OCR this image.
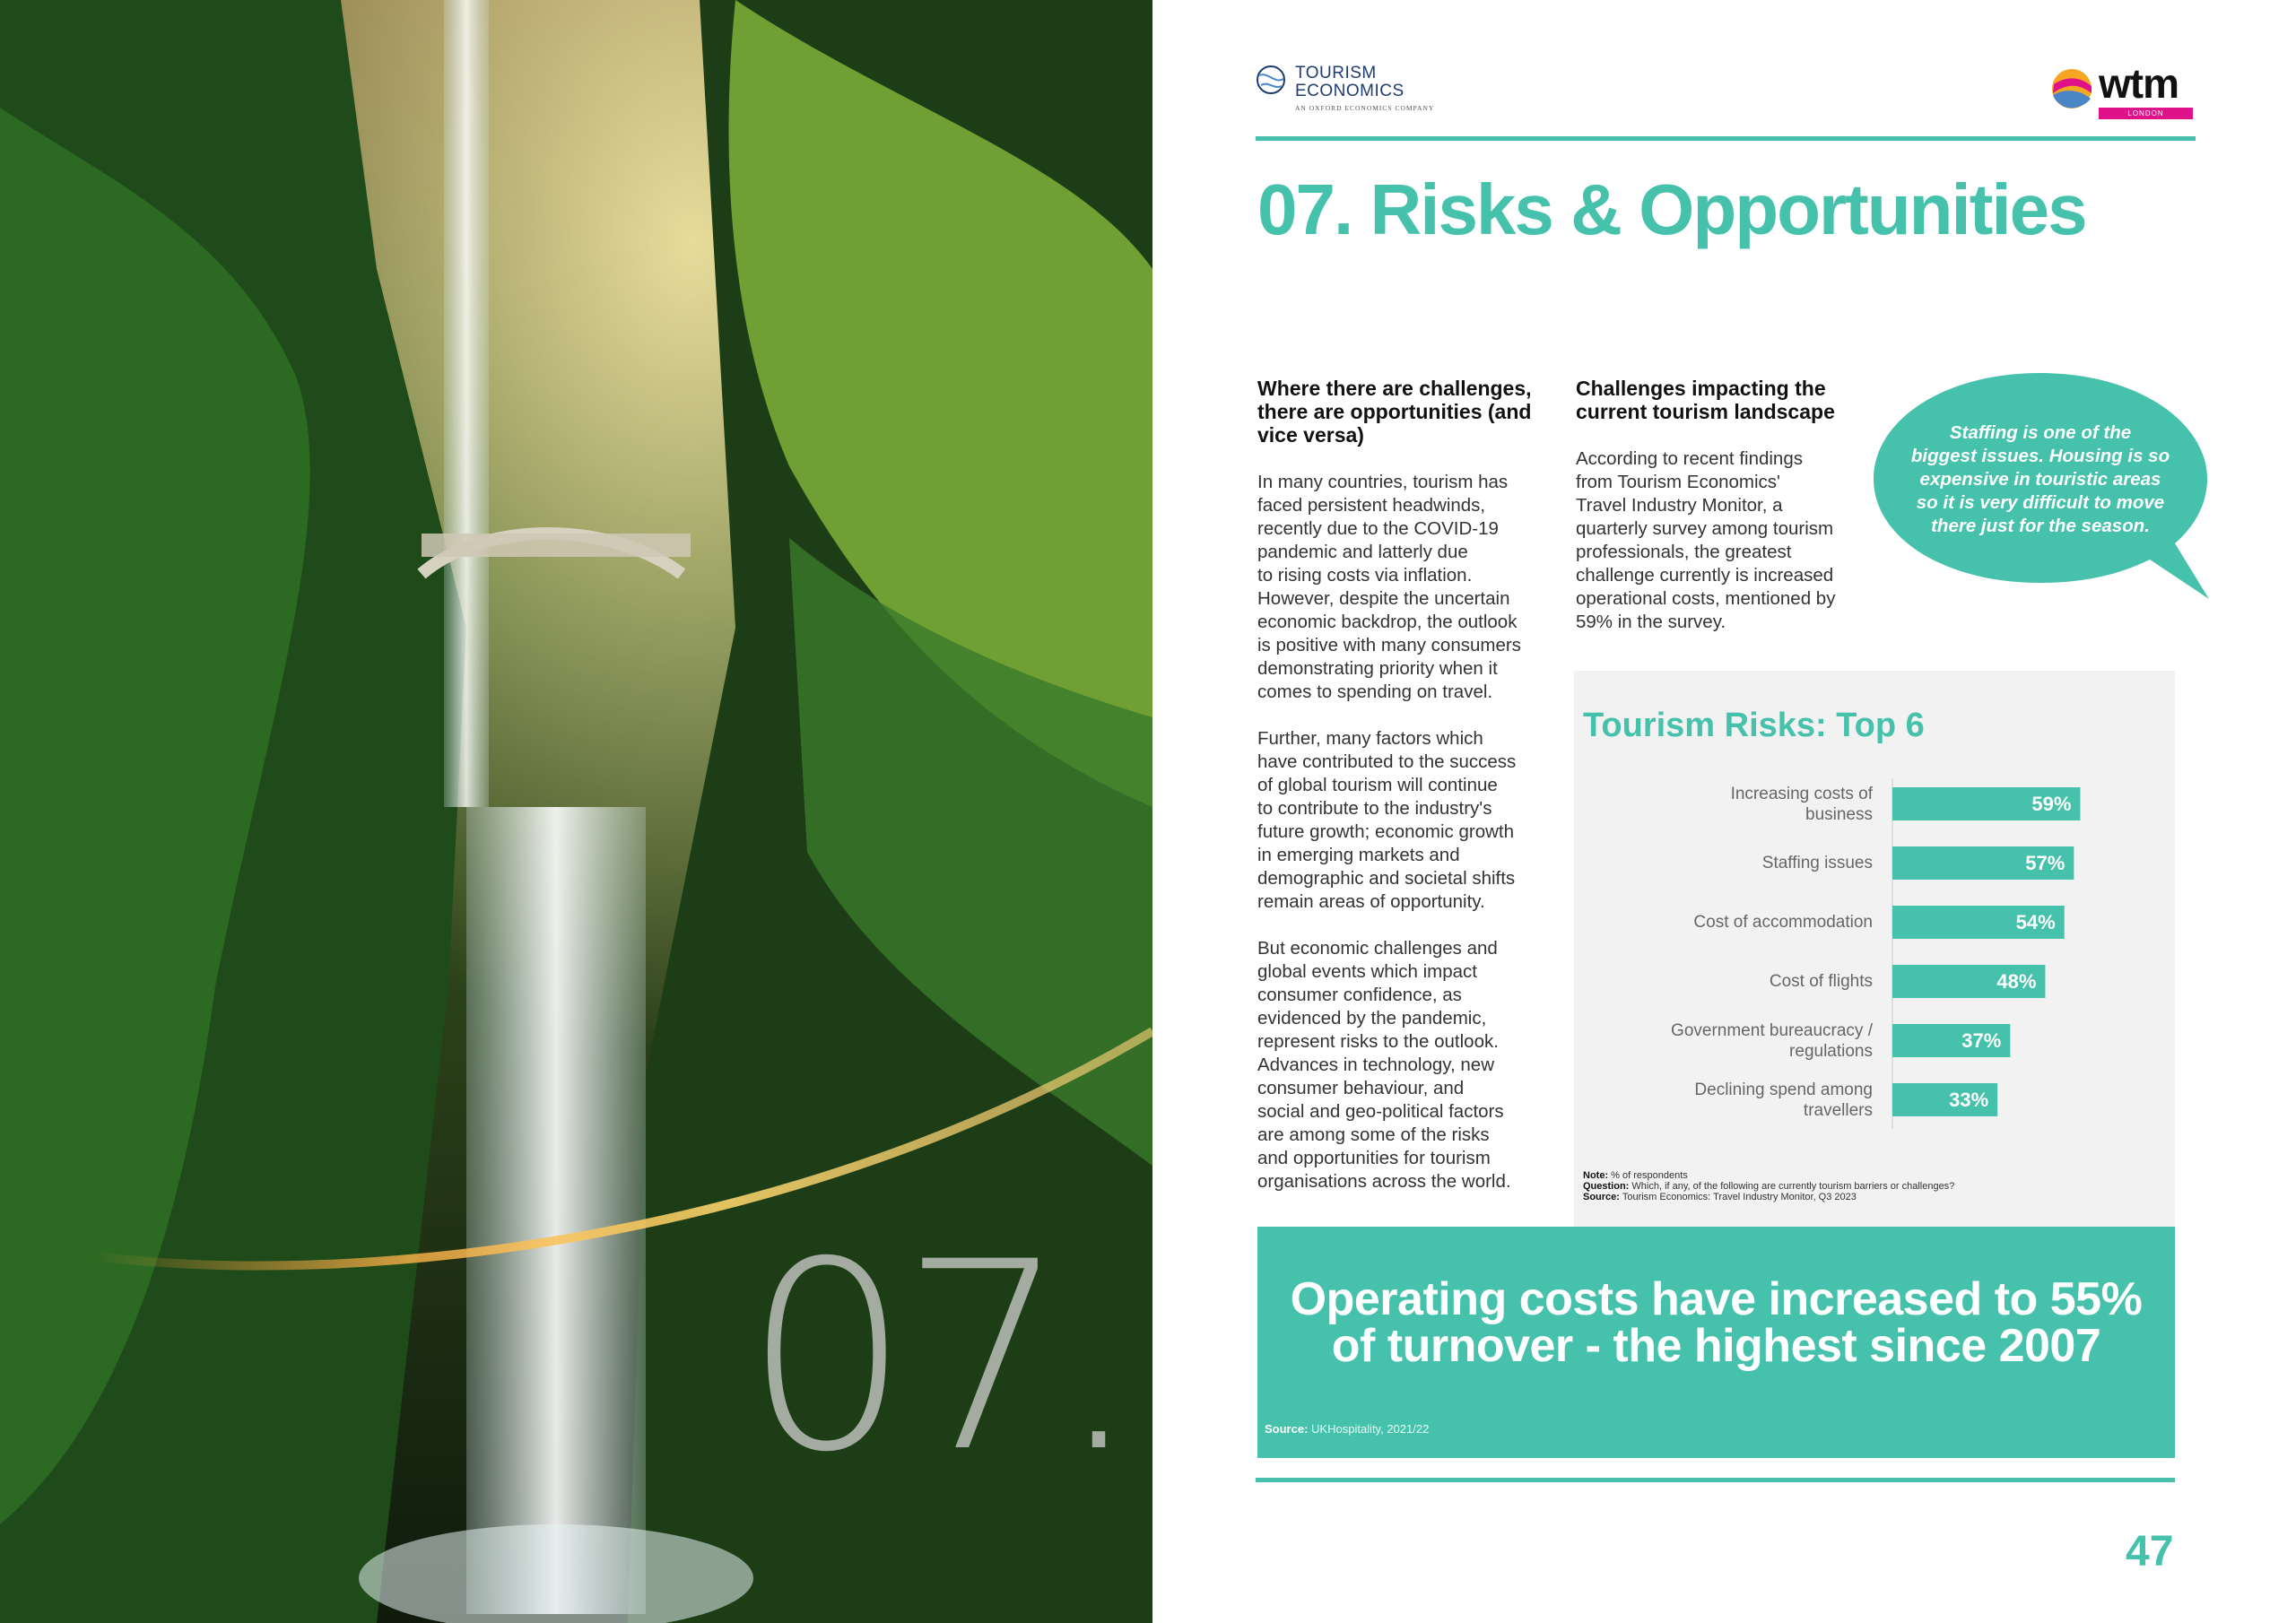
07.
TOURISM
ECONOMICS
AN OXFORD ECONOMICS COMPANY
wtm
LONDON
07. Risks & Opportunities
Where there are challenges, there are opportunities (and vice versa)

In many countries, tourism has
faced persistent headwinds,
recently due to the COVID-19
pandemic and latterly due
to rising costs via inflation.
However, despite the uncertain
economic backdrop, the outlook
is positive with many consumers
demonstrating priority when it
comes to spending on travel.

Further, many factors which
have contributed to the success
of global tourism will continue
to contribute to the industry's
future growth; economic growth
in emerging markets and
demographic and societal shifts
remain areas of opportunity.

But economic challenges and
global events which impact
consumer confidence, as
evidenced by the pandemic,
represent risks to the outlook.
Advances in technology, new
consumer behaviour, and
social and geo-political factors
are among some of the risks
and opportunities for tourism
organisations across the world.

Challenges impacting the current tourism landscape

According to recent findings
from Tourism Economics'
Travel Industry Monitor, a
quarterly survey among tourism
professionals, the greatest
challenge currently is increased
operational costs, mentioned by
59% in the survey.

Staffing is one of the
biggest issues. Housing is so
expensive in touristic areas
so it is very difficult to move
there just for the season.
Tourism Risks: Top 6
59%
Increasing costs of business
57%
Staffing issues
54%
Cost of accommodation
48%
Cost of flights
37%
Government bureaucracy / regulations
33%
Declining spend among travellers
Note: % of respondents
Question: Which, if any, of the following are currently tourism barriers or challenges?
Source: Tourism Economics: Travel Industry Monitor, Q3 2023
Operating costs have increased to 55%
of turnover - the highest since 2007
Source: UKHospitality, 2021/22
47
